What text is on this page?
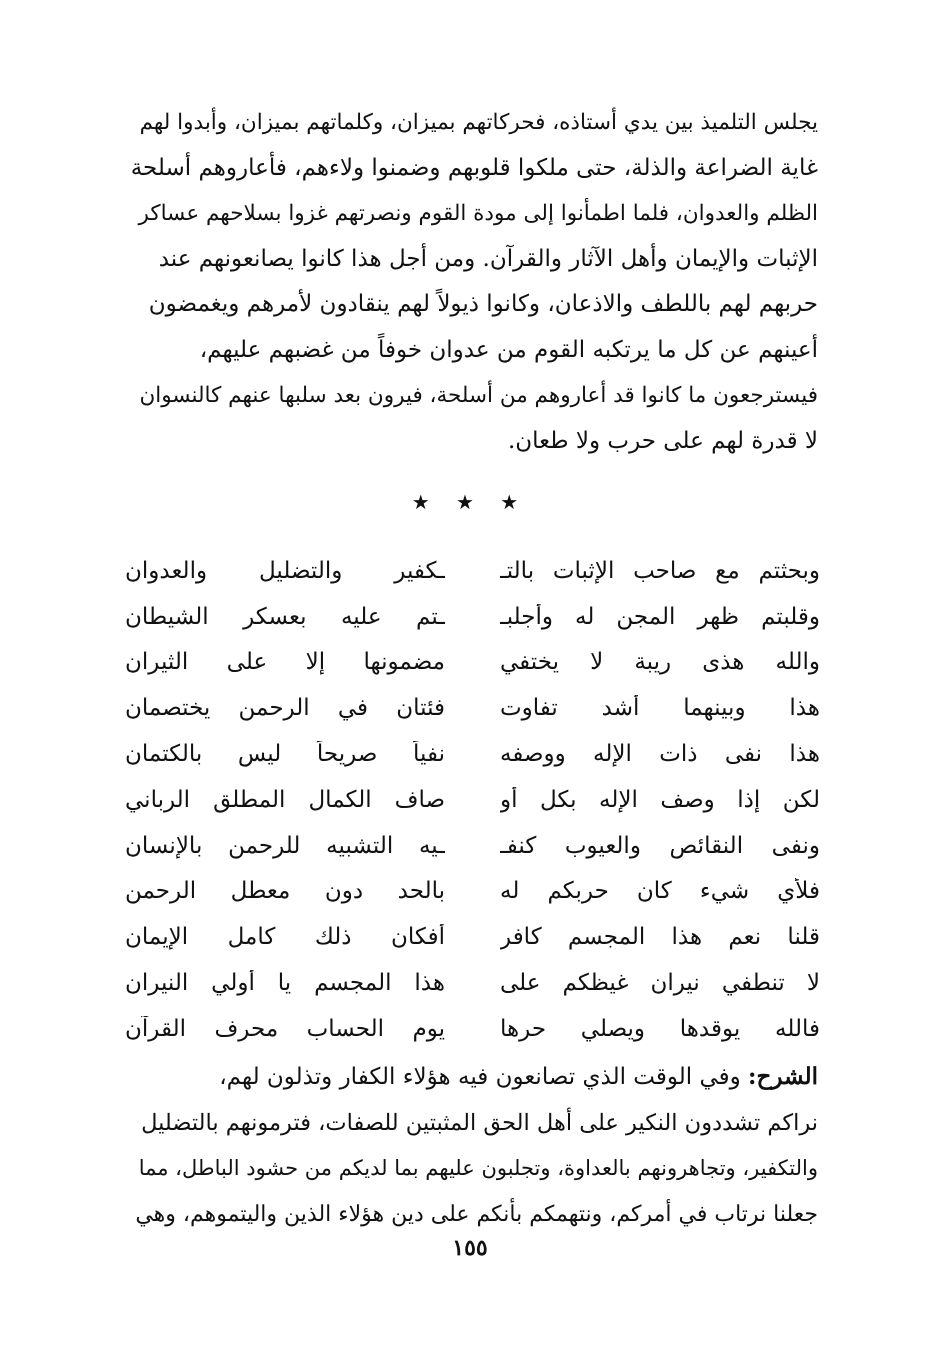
يجلس التلميذ بين يدي أستاذه، فحركاتهم بميزان، وكلماتهم بميزان، وأبدوا لهم
غاية الضراعة والذلة، حتى ملكوا قلوبهم وضمنوا ولاءهم، فأعاروهم أسلحة
الظلم والعدوان، فلما اطمأنوا إلى مودة القوم ونصرتهم غزوا بسلاحهم عساكر
الإثبات والإيمان وأهل الآثار والقرآن. ومن أجل هذا كانوا يصانعونهم عند
حربهم لهم باللطف والاذعان، وكانوا ذيولاً لهم ينقادون لأمرهم ويغمضون
أعينهم عن كل ما يرتكبه القوم من عدوان خوفاً من غضبهم عليهم،
فيسترجعون ما كانوا قد أعاروهم من أسلحة، فيرون بعد سلبها عنهم كالنسوان
لا قدرة لهم على حرب ولا طعان.
★ ★ ★
وبحثتم مع صاحب الإثبات بالتـ
ـكفير والتضليل والعدوان
وقلبتم ظهر المجن له وأجلبـ
ـتم عليه بعسكر الشيطان
والله هذى ريبة لا يختفي
مضمونها إلا على الثيران
هذا وبينهما أشد تفاوت
فئتان في الرحمن يختصمان
هذا نفى ذات الإله ووصفه
نفياً صريحاً ليس بالكتمان
لكن إذا وصف الإله بكل أو
صاف الكمال المطلق الرباني
ونفى النقائص والعيوب كنفـ
ـيه التشبيه للرحمن بالإنسان
فلأي شيء كان حربكم له
بالحد دون معطل الرحمن
قلنا نعم هذا المجسم كافر
أفكان ذلك كامل الإيمان
لا تنطفي نيران غيظكم على
هذا المجسم يا أولي النيران
فالله يوقدها ويصلي حرها
يوم الحساب محرف القرآن
الشرح: وفي الوقت الذي تصانعون فيه هؤلاء الكفار وتذلون لهم،
نراكم تشددون النكير على أهل الحق المثبتين للصفات، فترمونهم بالتضليل
والتكفير، وتجاهرونهم بالعداوة، وتجلبون عليهم بما لديكم من حشود الباطل، مما
جعلنا نرتاب في أمركم، ونتهمكم بأنكم على دين هؤلاء الذين واليتموهم، وهي
١٥٥
